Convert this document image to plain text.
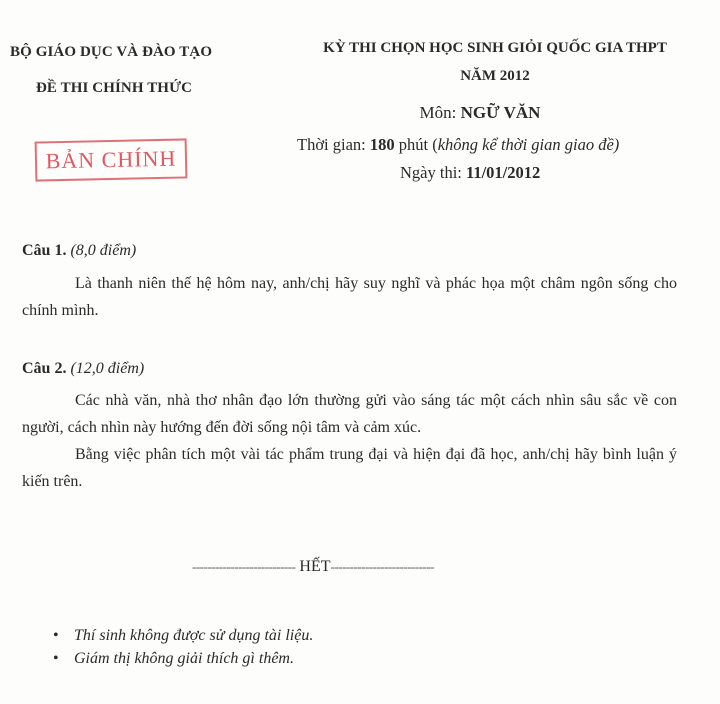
BỘ GIÁO DỤC VÀ ĐÀO TẠO
ĐỀ THI CHÍNH THỨC
BẢN CHÍNH
KỲ THI CHỌN HỌC SINH GIỎI QUỐC GIA THPT
NĂM 2012
Môn: NGỮ VĂN
Thời gian: 180 phút (không kể thời gian giao đề)
Ngày thi: 11/01/2012
Câu 1. (8,0 điểm)
Là thanh niên thế hệ hôm nay, anh/chị hãy suy nghĩ và phác họa một châm ngôn sống cho chính mình.
Câu 2. (12,0 điểm)
Các nhà văn, nhà thơ nhân đạo lớn thường gửi vào sáng tác một cách nhìn sâu sắc về con người, cách nhìn này hướng đến đời sống nội tâm và cảm xúc.
Bằng việc phân tích một vài tác phẩm trung đại và hiện đại đã học, anh/chị hãy bình luận ý kiến trên.
--------------------------- HẾT---------------------------
• Thí sinh không được sử dụng tài liệu.
• Giám thị không giải thích gì thêm.
